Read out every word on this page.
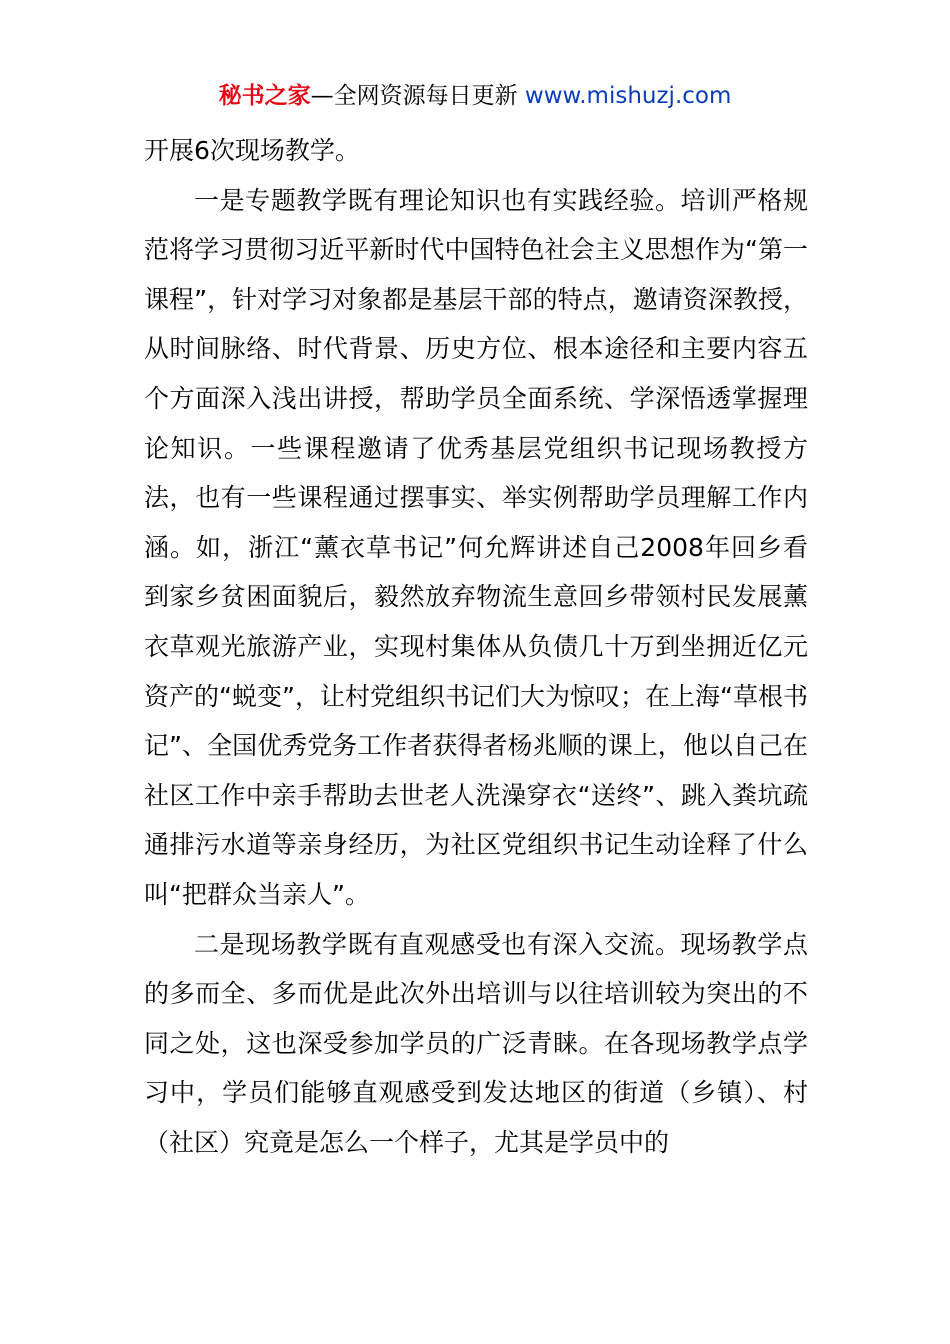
秘书之家—全网资源每日更新 www.mishuzj.com

开展6次现场教学。

一是专题教学既有理论知识也有实践经验。培训严格规范将学习贯彻习近平新时代中国特色社会主义思想作为“第一课程”，针对学习对象都是基层干部的特点，邀请资深教授，从时间脉络、时代背景、历史方位、根本途径和主要内容五个方面深入浅出讲授，帮助学员全面系统、学深悟透掌握理论知识。一些课程邀请了优秀基层党组织书记现场教授方法，也有一些课程通过摆事实、举实例帮助学员理解工作内涵。如，浙江“薰衣草书记”何允辉讲述自己2008年回乡看到家乡贫困面貌后，毅然放弃物流生意回乡带领村民发展薰衣草观光旅游产业，实现村集体从负债几十万到坐拥近亿元资产的“蜕变”，让村党组织书记们大为惊叹；在上海“草根书记”、全国优秀党务工作者获得者杨兆顺的课上，他以自己在社区工作中亲手帮助去世老人洗澡穿衣“送终”、跳入粪坑疏通排污水道等亲身经历，为社区党组织书记生动诠释了什么叫“把群众当亲人”。

二是现场教学既有直观感受也有深入交流。现场教学点的多而全、多而优是此次外出培训与以往培训较为突出的不同之处，这也深受参加学员的广泛青睐。在各现场教学点学习中，学员们能够直观感受到发达地区的街道（乡镇）、村（社区）究竟是怎么一个样子，尤其是学员中的
